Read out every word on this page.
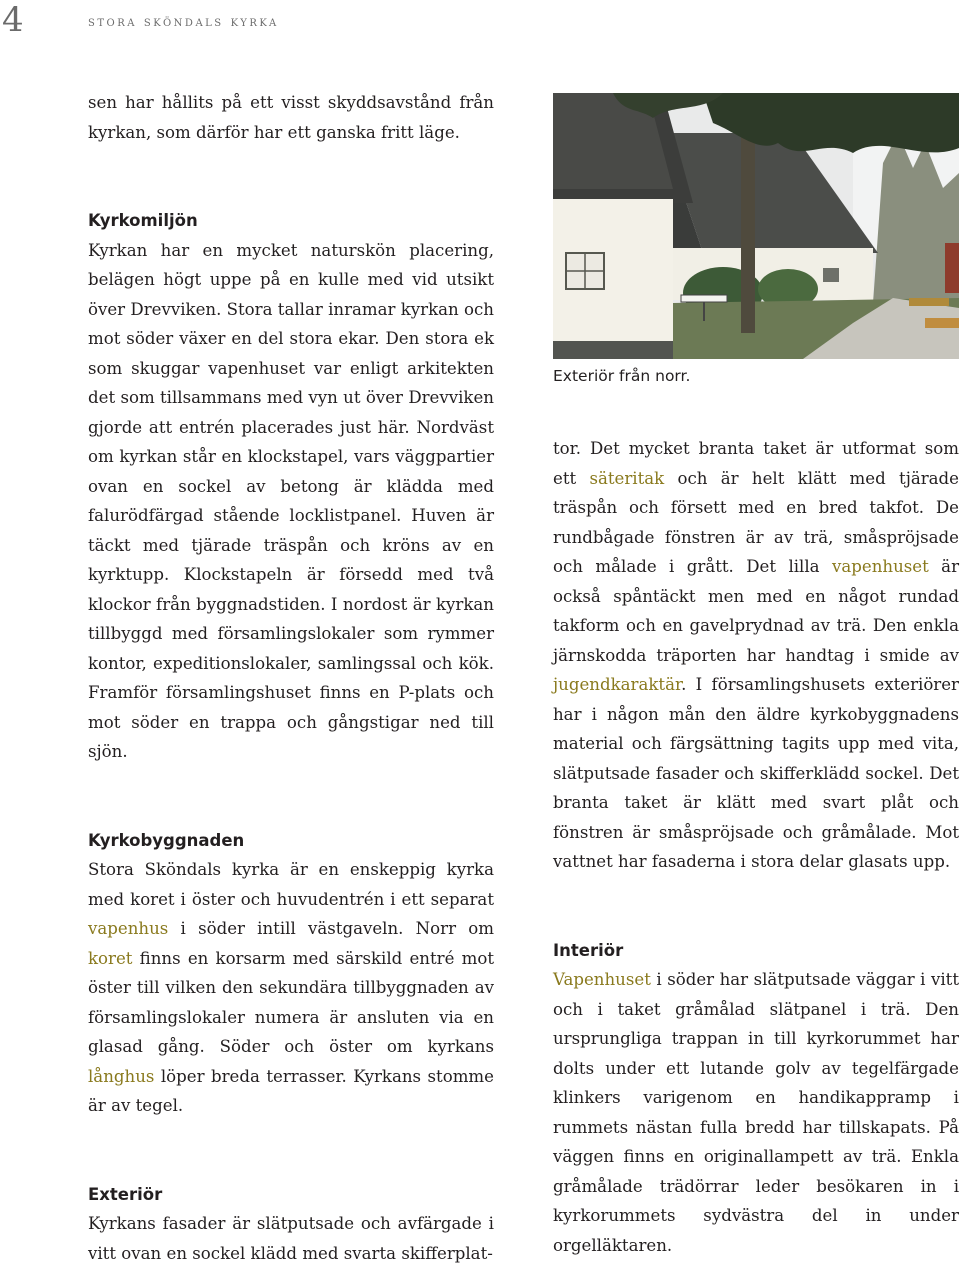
4	stora sköndals kyrka

sen har hållits på ett visst skyddsavstånd från kyrkan, som därför har ett ganska fritt läge.

Kyrkomiljön

Kyrkan har en mycket naturskön placering, belägen högt uppe på en kulle med vid utsikt över Drevviken. Stora tallar inramar kyrkan och mot söder växer en del stora ekar. Den stora ek som skuggar vapenhuset var enligt arkitekten det som tillsammans med vyn ut över Drevviken gjorde att entrén placerades just här. Nordväst om kyrkan står en klockstapel, vars väggpartier ovan en sockel av betong är klädda med falurödfärgad stående locklistpanel. Huven är täckt med tjärade träspån och kröns av en kyrktupp. Klockstapeln är försedd med två klockor från byggnadstiden. I nordost är kyrkan tillbyggd med församlingslokaler som rymmer kontor, expeditionslokaler, samlingssal och kök. Framför församlingshuset finns en P-plats och mot söder en trappa och gångstigar ned till sjön.

Kyrkobyggnaden

Stora Sköndals kyrka är en enskeppig kyrka med koret i öster och huvudentrén i ett separat vapenhus i söder intill västgaveln. Norr om koret finns en korsarm med särskild entré mot öster till vilken den sekundära tillbyggnaden av församlingslokaler numera är ansluten via en glasad gång. Söder och öster om kyrkans långhus löper breda terrasser. Kyrkans stomme är av tegel.

Exteriör

Kyrkans fasader är slätputsade och avfärgade i vitt ovan en sockel klädd med svarta skifferplat-

Exteriör från norr.

tor. Det mycket branta taket är utformat som ett säteritak och är helt klätt med tjärade träspån och försett med en bred takfot. De rundbågade fönstren är av trä, småspröjsade och målade i grått. Det lilla vapenhuset är också spåntäckt men med en något rundad takform och en gavelprydnad av trä. Den enkla järnskodda träporten har handtag i smide av jugendkaraktär. I församlingshusets exteriörer har i någon mån den äldre kyrkobyggnadens material och färgsättning tagits upp med vita, slätputsade fasader och skifferklädd sockel. Det branta taket är klätt med svart plåt och fönstren är småspröjsade och gråmålade. Mot vattnet har fasaderna i stora delar glasats upp.

Interiör

Vapenhuset i söder har slätputsade väggar i vitt och i taket gråmålad slätpanel i trä. Den ursprungliga trappan in till kyrkorummet har dolts under ett lutande golv av tegelfärgade klinkers varigenom en handikappramp i rummets nästan fulla bredd har tillskapats. På väggen finns en originallampett av trä. Enkla gråmålade trädörrar leder besökaren in i kyrkorummets sydvästra del in under orgelläktaren.
